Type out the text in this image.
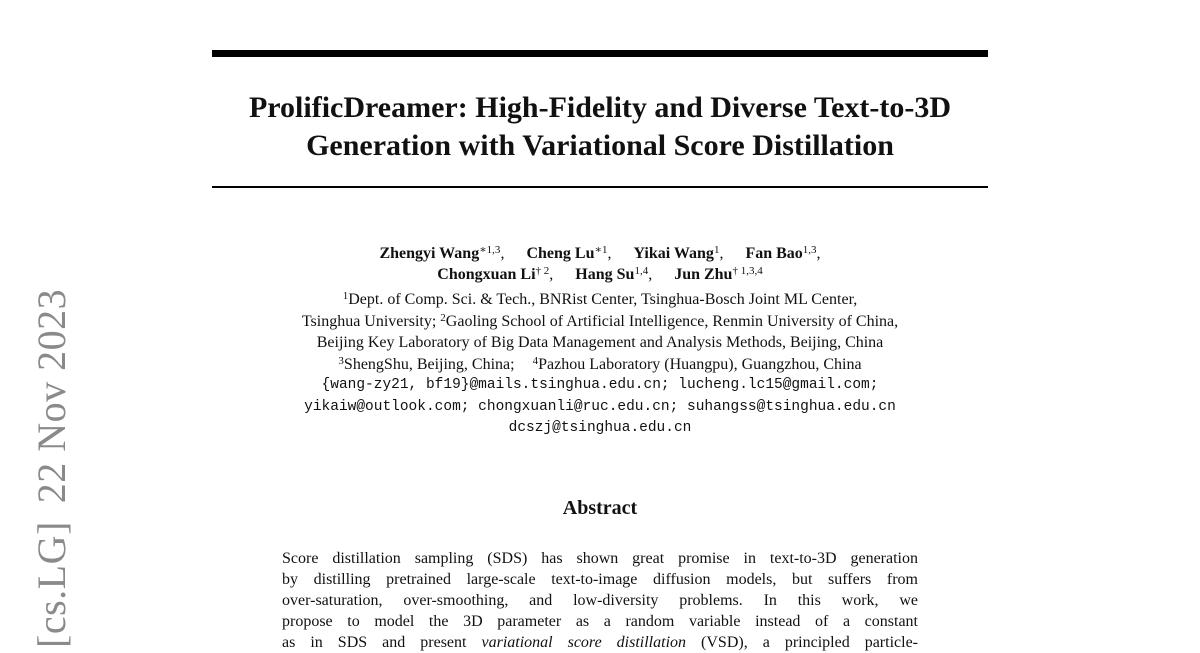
[cs.LG]22 Nov 2023
ProlificDreamer: High-Fidelity and Diverse Text-to-3D
Generation with Variational Score Distillation
Zhengyi Wang$^{∗1,3}$, Cheng $Lu^{∗1}$, Yikai Wang$^1$, Fan Bao$^{1,3}$,
Chongxuan Li$^{\dagger 2}$, Hang Su$^{1,4}$, Jun Zhu$^{\dagger 1,3,4}$
$^1$Dept. of Comp. Sci. & Tech., BNRist Center, Tsinghua-Bosch Joint ML Center,
Tsinghua University; $^2$Gaoling School of Artificial Intelligence, Renmin University of China,
Beijing Key Laboratory of Big Data Management and Analysis Methods, Beijing, China
$^3$ShengShu, Beijing, China; $^4$Pazhou Laboratory (Huangpu), Guangzhou, China
{wang-zy21, bf19}@mails.tsinghua.edu.cn; lucheng.lc15@gmail.com;
yikaiw@outlook.com; chongxuanli@ruc.edu.cn; suhangss@tsinghua.edu.cn
dcszj@tsinghua.edu.cn
Abstract
Score distillation sampling (SDS) has shown great promise in text-to-3D generation
by distilling pretrained large-scale text-to-image diffusion models, but suffers from
over-saturation, over-smoothing, and low-diversity problems. In this work, we
propose to model the 3D parameter as a random variable instead of a constant
as in SDS and present variational score distillation (VSD), a principled particle-
